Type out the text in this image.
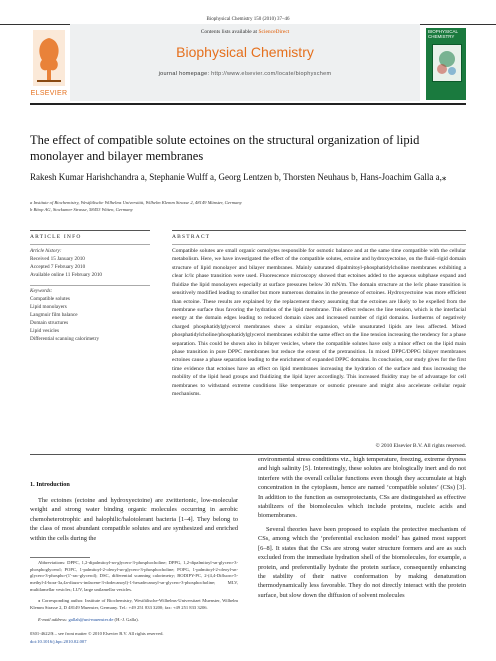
Biophysical Chemistry 150 (2010) 37–46
Contents lists available at ScienceDirect
Biophysical Chemistry
journal homepage: http://www.elsevier.com/locate/biophyschem
ELSEVIER
BIOPHYSICAL CHEMISTRY
The effect of compatible solute ectoines on the structural organization of lipid monolayer and bilayer membranes
Rakesh Kumar Harishchandra a, Stephanie Wulff a, Georg Lentzen b, Thorsten Neuhaus b, Hans-Joachim Galla a,⁎
a Institute of Biochemistry, Westfälische Wilhelms Universität, Wilhelm Klemm Strasse 2, 48149 Münster, Germany
b Bitop AG, Stockumer Strasse, 58453 Witten, Germany
ARTICLE INFO
Article history:
Received 15 January 2010
Accepted 7 February 2010
Available online 11 February 2010
Keywords:
Compatible solutes
Lipid monolayers
Langmuir film balance
Domain structures
Lipid vesicles
Differential scanning calorimetry
ABSTRACT
Compatible solutes are small organic osmolytes responsible for osmotic balance and at the same time compatible with the cellular metabolism. Here, we have investigated the effect of the compatible solutes, ectoine and hydroxyectoine, on the fluid–rigid domain structure of lipid monolayer and bilayer membranes. Mainly saturated dipalmitoyl-phosphatidylcholine membranes exhibiting a clear lc/lc phase transition were used. Fluorescence microscopy showed that ectoines added to the aqueous subphase expand and fluidize the lipid monolayers especially at surface pressures below 30 mN/m. The domain structure at the le/lc phase transition is sensitively modified leading to smaller but more numerous domains in the presence of ectoines. Hydroxyectoine was more efficient than ectoine. These results are explained by the replacement theory assuming that the ectoines are likely to be expelled from the membrane surface thus favoring the hydration of the lipid membrane. This effect reduces the line tension, which is the interfacial energy at the domain edges leading to reduced domain sizes and increased number of rigid domains. Isotherms of negatively charged phosphatidylglycerol membranes show a similar expansion, while unsaturated lipids are less affected. Mixed phosphatidylcholine/phosphatidylglycerol membranes exhibit the same effect on the line tension increasing the tendency for a phase separation. This could be shown also in bilayer vesicles, where the compatible solutes have only a minor effect on the lipid main phase transition in pure DPPC membranes but reduce the extent of the pretransition. In mixed DPPC/DPPG bilayer membranes ectoines cause a phase separation leading to the enrichment of expanded DPPC domains. In conclusion, our study gives for the first time evidence that ectoines have an effect on lipid membranes increasing the hydration of the surface and thus increasing the mobility of the lipid head groups and fluidizing the lipid layer accordingly. This increased fluidity may be of advantage for cell membranes to withstand extreme conditions like temperature or osmotic pressure and might also accelerate cellular repair mechanisms.
© 2010 Elsevier B.V. All rights reserved.
1. Introduction
The ectoines (ectoine and hydroxyectoine) are zwitterionic, low-molecular weight and strong water binding organic molecules occurring in aerobic chemoheterotrophic and halophilic/halotolerant bacteria [1–4]. They belong to the class of most abundant compatible solutes and are synthesized and enriched within the cells during the
environmental stress conditions viz., high temperature, freezing, extreme dryness and high salinity [5]. Interestingly, these solutes are biologically inert and do not interfere with the overall cellular functions even though they accumulate at high concentration in the cytoplasm, hence are named ‘compatible solutes’ (CSs) [3]. In addition to the function as osmoprotectants, CSs are distinguished as effective stabilizers of the biomolecules which include proteins, nucleic acids and biomembranes.
Several theories have been proposed to explain the protective mechanism of CSs, among which the ‘preferential exclusion model’ has gained most support [6–8]. It states that the CSs are strong water structure formers and are as such excluded from the immediate hydration shell of the biomolecules, for example, a protein, and preferentially hydrate the protein surface, consequently enhancing the stability of their native conformation by making denaturation thermodynamically less favorable. They do not directly interact with the protein surface, but slow down the diffusion of solvent molecules
Abbreviations: DPPC, 1,2-dipalmitoyl-sn-glycero-3-phosphocholine; DPPG, 1,2-dipalmitoyl-sn-glycero-3-phosphoglycerol; POPC, 1-palmitoyl-2-oleoyl-sn-glycero-3-phosphocholine; POPG, 1-palmitoyl-2-oleoyl-sn-glycero-3-phospho-(1′-rac-glycerol); DSC, differential scanning calorimetry; BODIPY-PC, 2-(4,4-Difluoro-5-methyl-4-bora-3a,4a-diaza-s-indacene-3-dodecanoyl)-1-hexadecanoyl-sn-glycero-3-phosphocholine; MLV, multilamellar vesicles; LUV, large unilamellar vesicles.
⁎ Corresponding author. Institute of Biochemistry, Westfälische-Wilhelms-Universitaet Muenster, Wilhelm Klemm Strasse 2, D 48149 Muenster, Germany. Tel.: +49 251 833 3200; fax: +49 251 833 3206.
E-mail address: gallah@uni-muenster.de (H.-J. Galla).
0301-4622/$ – see front matter © 2010 Elsevier B.V. All rights reserved.
doi:10.1016/j.bpc.2010.02.007
